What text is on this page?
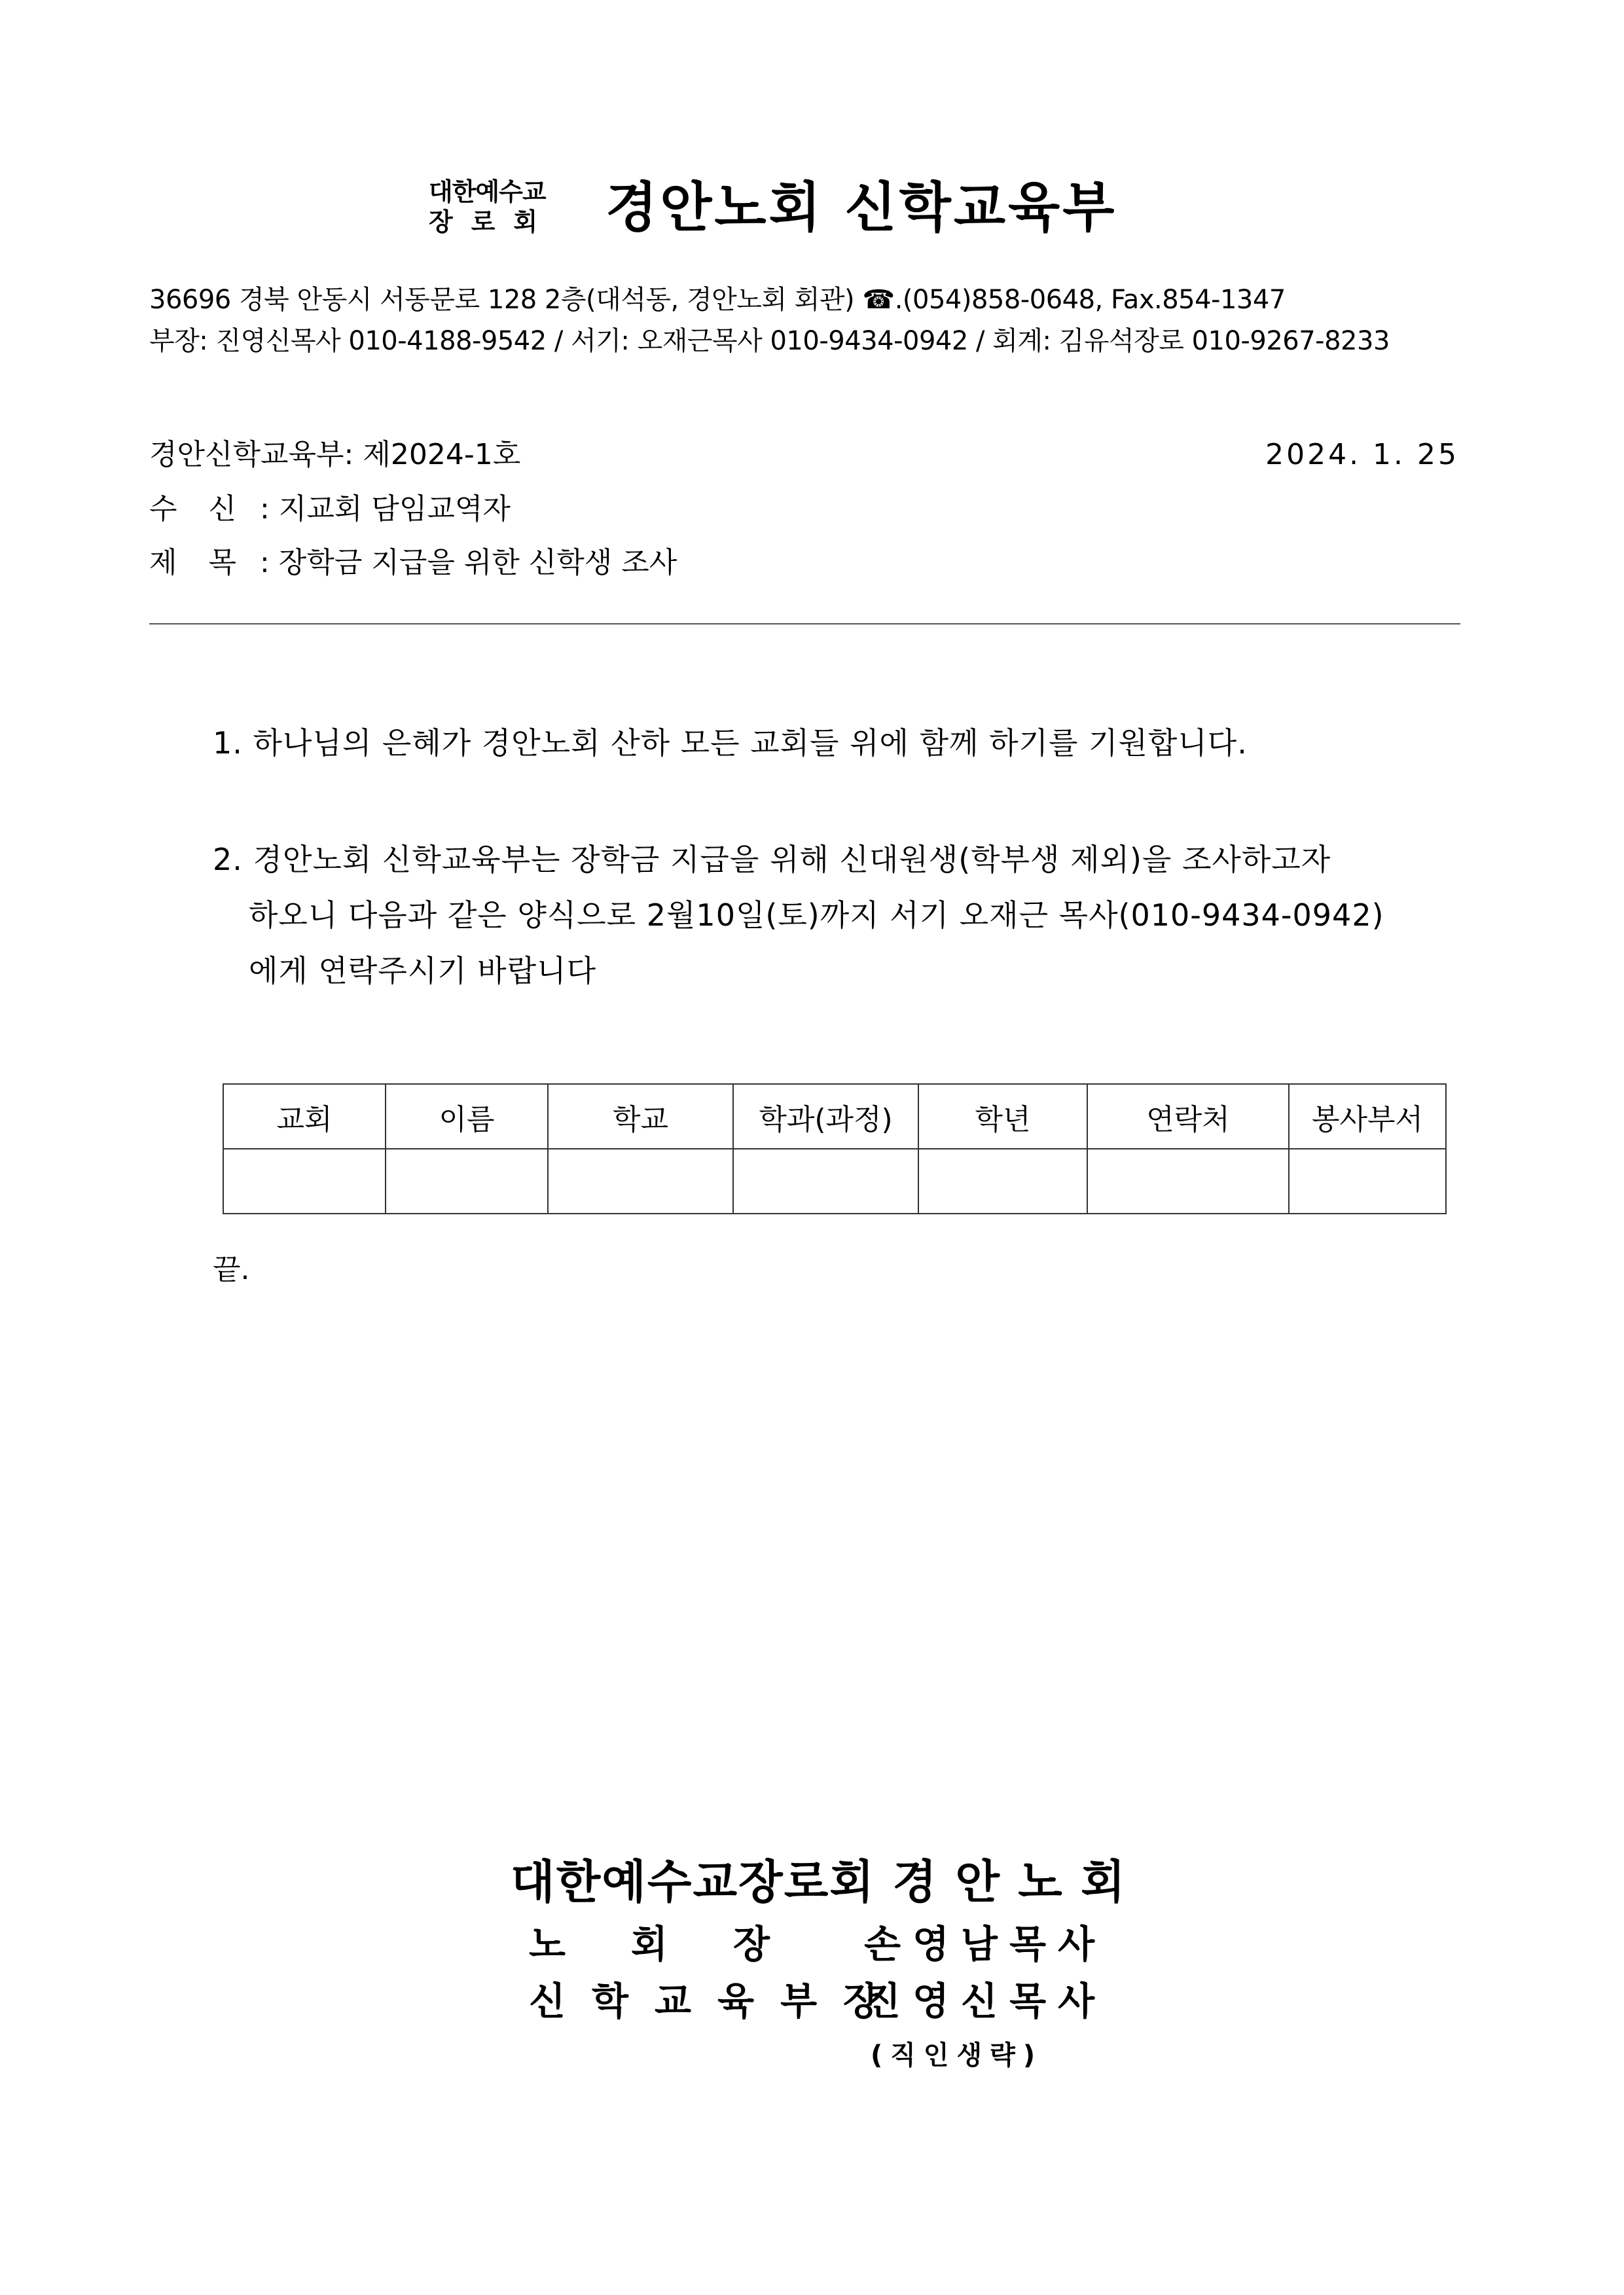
대한예수교
장로회 경안노회 신학교육부
36696 경북 안동시 서동문로 128 2층(대석동, 경안노회 회관) ☎.(054)858-0648, Fax.854-1347
부장: 진영신목사 010-4188-9542 / 서기: 오재근목사 010-9434-0942 / 회계: 김유석장로 010-9267-8233
경안신학교육부: 제2024-1호	2024. 1. 25
수 신 : 지교회 담임교역자
제 목 : 장학금 지급을 위한 신학생 조사
1. 하나님의 은혜가 경안노회 산하 모든 교회들 위에 함께 하기를 기원합니다.
2. 경안노회 신학교육부는 장학금 지급을 위해 신대원생(학부생 제외)을 조사하고자
하오니 다음과 같은 양식으로 2월10일(토)까지 서기 오재근 목사(010-9434-0942)
에게 연락주시기 바랍니다
교회	이름	학교	학과(과정)	학년	연락처	봉사부서

끝.
대한예수교장로회 경 안 노 회
노회장 손영남목사
신학교육부장진영신목사
(직인생략)
